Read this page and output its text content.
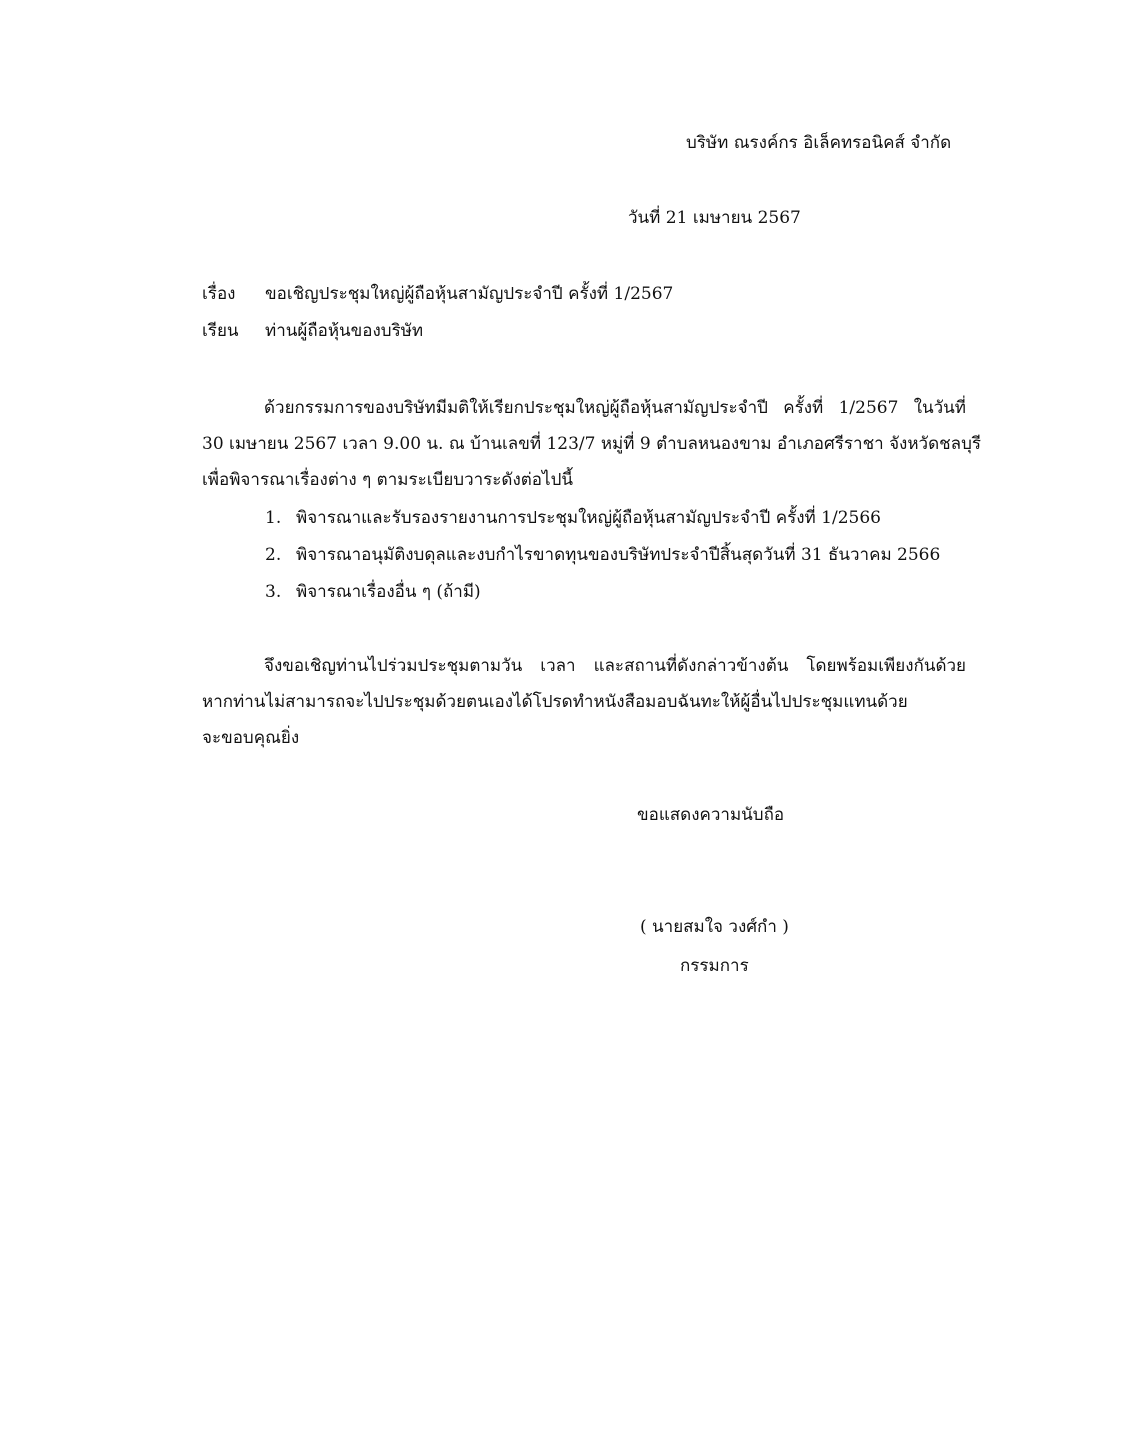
บริษัท ณรงค์กร อิเล็คทรอนิคส์ จำกัด
วันที่ 21 เมษายน 2567
เรื่อง ขอเชิญประชุมใหญ่ผู้ถือหุ้นสามัญประจำปี ครั้งที่ 1/2567
เรียน ท่านผู้ถือหุ้นของบริษัท
ด้วยกรรมการของบริษัทมีมติให้เรียกประชุมใหญ่ผู้ถือหุ้นสามัญประจำปี ครั้งที่ 1/2567 ในวันที่
30 เมษายน 2567 เวลา 9.00 น. ณ บ้านเลขที่ 123/7 หมู่ที่ 9 ตำบลหนองขาม อำเภอศรีราชา จังหวัดชลบุรี
เพื่อพิจารณาเรื่องต่าง ๆ ตามระเบียบวาระดังต่อไปนี้
1. พิจารณาและรับรองรายงานการประชุมใหญ่ผู้ถือหุ้นสามัญประจำปี ครั้งที่ 1/2566
2. พิจารณาอนุมัติงบดุลและงบกำไรขาดทุนของบริษัทประจำปีสิ้นสุดวันที่ 31 ธันวาคม 2566
3. พิจารณาเรื่องอื่น ๆ (ถ้ามี)
จึงขอเชิญท่านไปร่วมประชุมตามวัน เวลา และสถานที่ดังกล่าวข้างต้น โดยพร้อมเพียงกันด้วย
หากท่านไม่สามารถจะไปประชุมด้วยตนเองได้โปรดทำหนังสือมอบฉันทะให้ผู้อื่นไปประชุมแทนด้วย
จะขอบคุณยิ่ง
ขอแสดงความนับถือ
( นายสมใจ วงศ์กำ )
กรรมการ
